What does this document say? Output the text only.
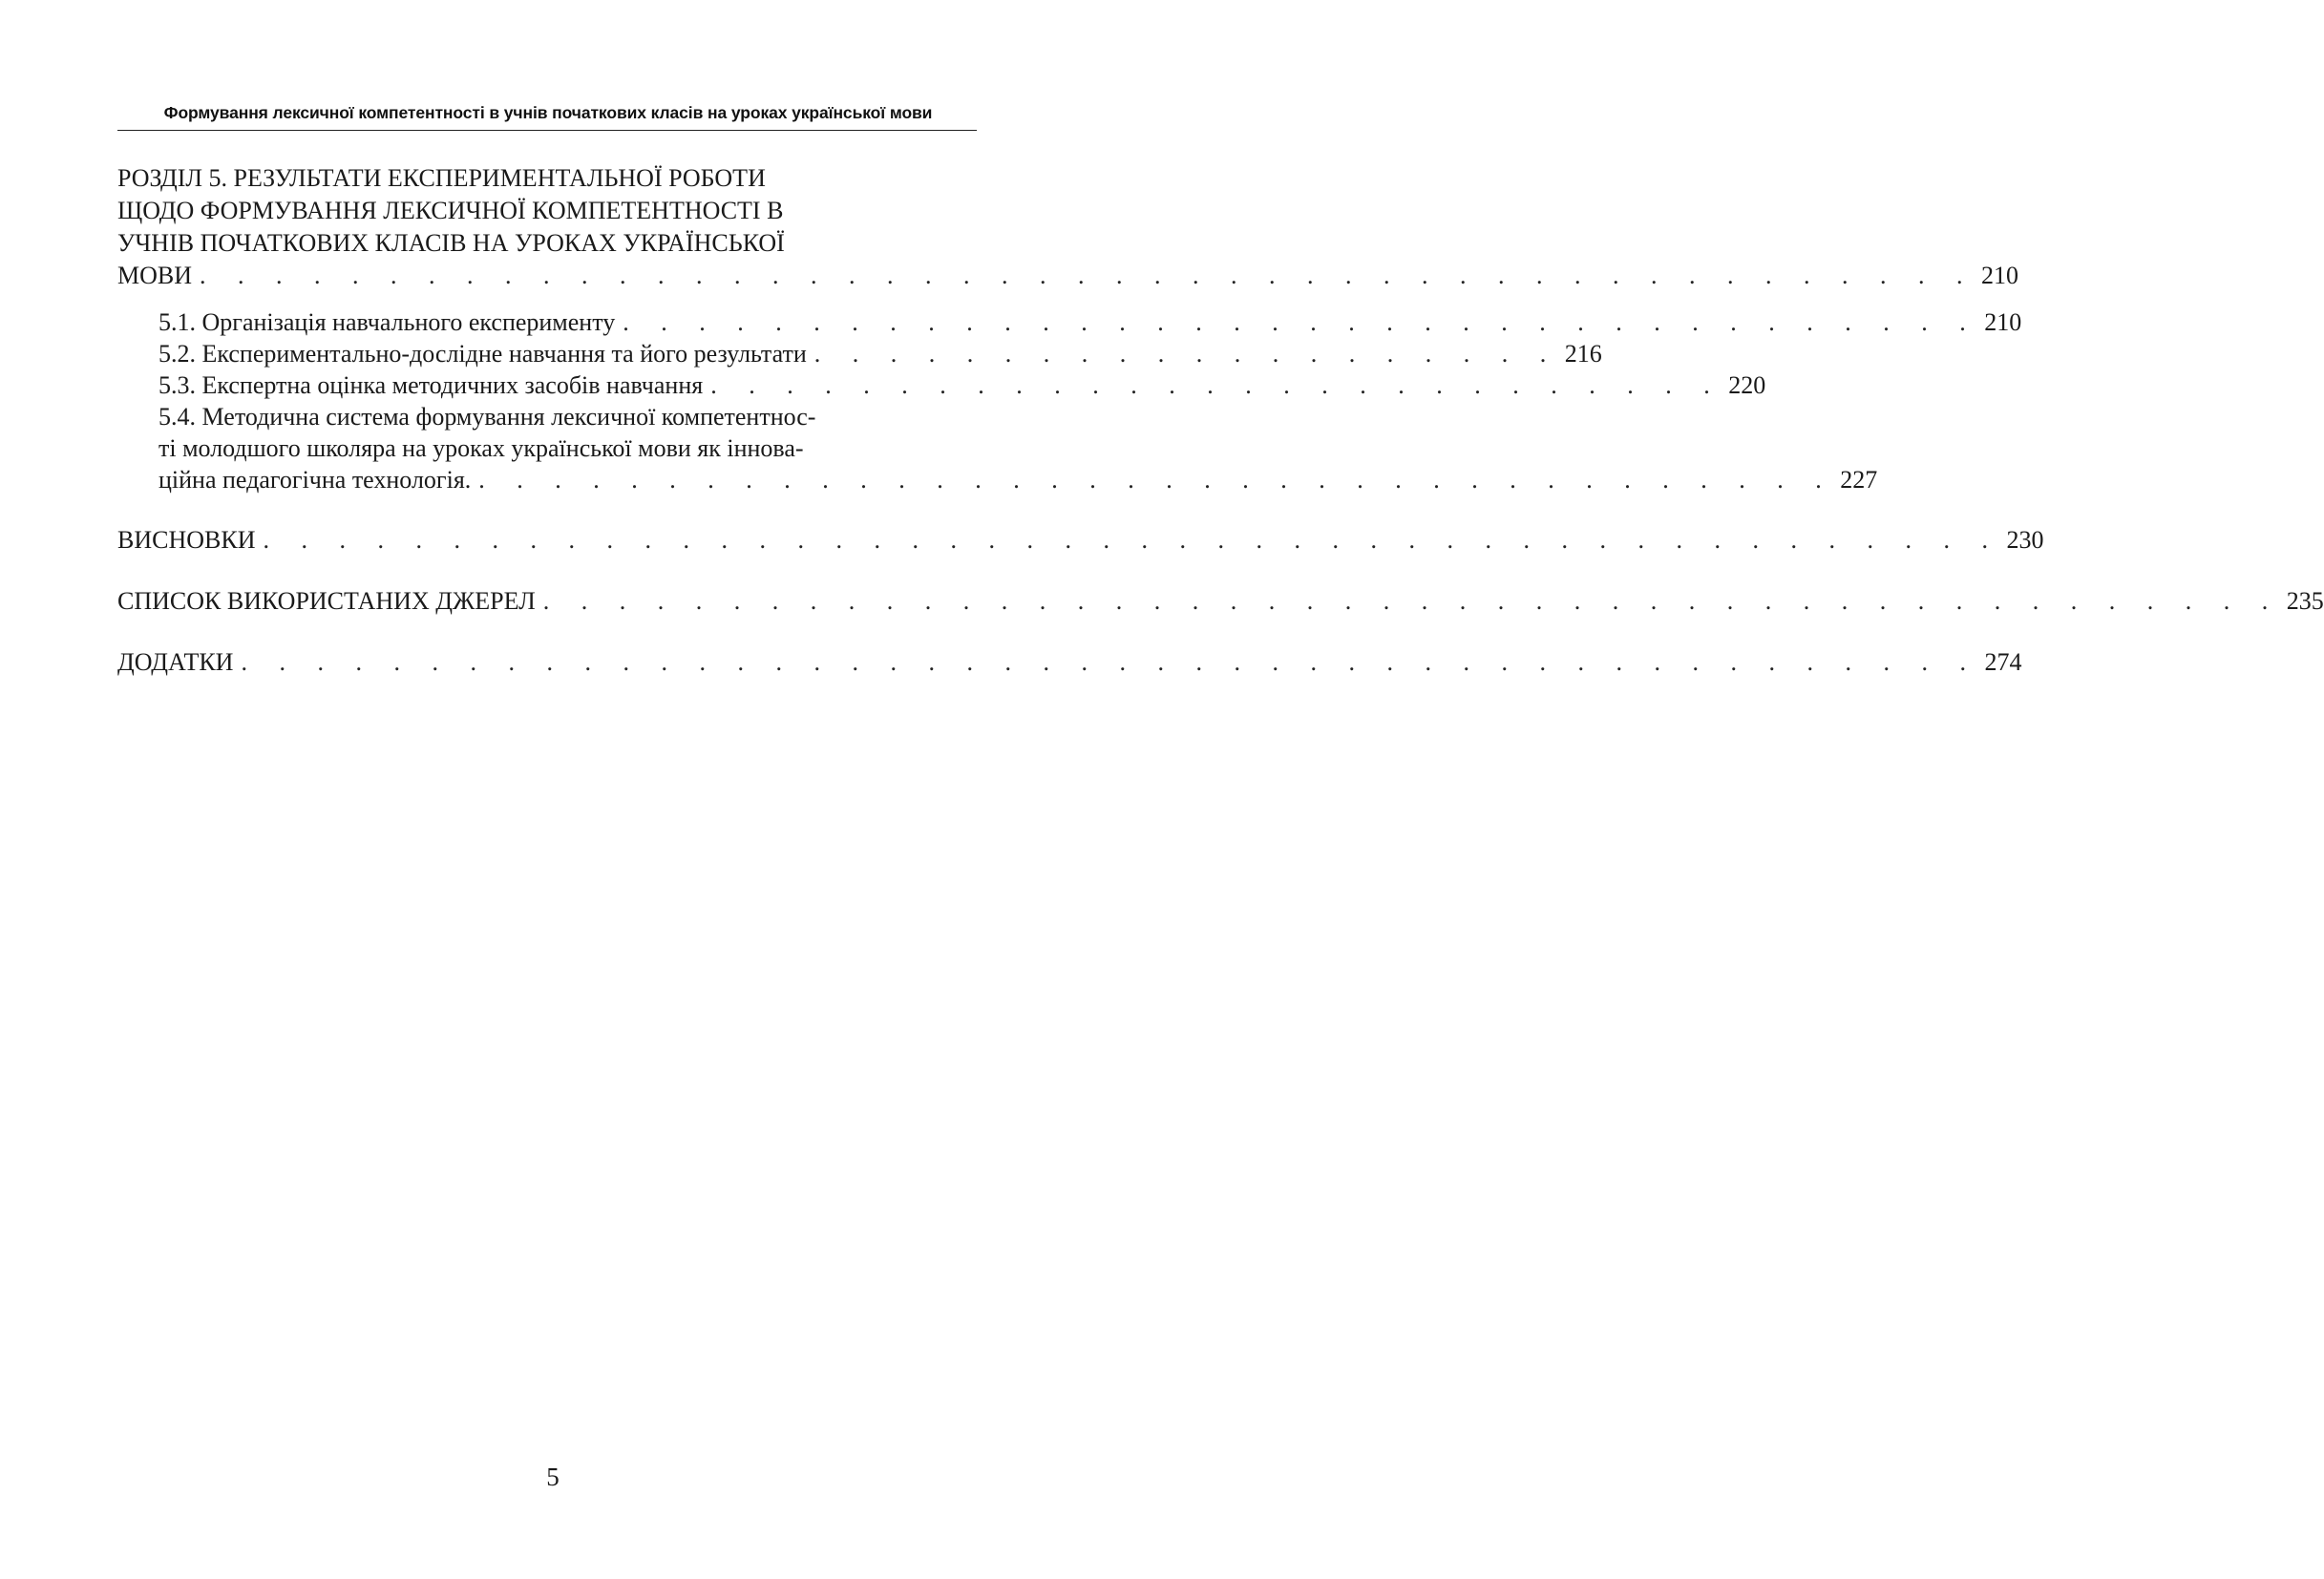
Формування лексичної компетентності в учнів початкових класів на уроках української мови
РОЗДІЛ 5. РЕЗУЛЬТАТИ ЕКСПЕРИМЕНТАЛЬНОЇ РОБОТИ
ЩОДО ФОРМУВАННЯ ЛЕКСИЧНОЇ КОМПЕТЕНТНОСТІ В
УЧНІВ ПОЧАТКОВИХ КЛАСІВ НА УРОКАХ УКРАЇНСЬКОЇ
МОВИ . . . . . . . . . . . . . . . . . . . . . . . . . . . . . . . . . . . . . . . . . . . . . . . 210
5.1. Організація навчального експерименту . . . . . . . . . . . . . . . . . . . . . . . . . . . . . . . . . . . . 210
5.2. Експериментально-дослідне навчання та його результати . . . . . . . . . . . . . . . . . . . . 216
5.3. Експертна оцінка методичних засобів навчання . . . . . . . . . . . . . . . . . . . . . . . . . . . 220
5.4. Методична система формування лексичної компетентнос-
ті молодшого школяра на уроках української мови як іннова-
ційна педагогічна технологія. . . . . . . . . . . . . . . . . . . . . . . . . . . . . . . . . . . . . 227
ВИСНОВКИ . . . . . . . . . . . . . . . . . . . . . . . . . . . . . . . . . . . . . . . . . . . . . . 230
СПИСОК ВИКОРИСТАНИХ ДЖЕРЕЛ . . . . . . . . . . . . . . . . . . . . . . . . . . . . . . . . . . . . . . . . . . . . . . 235
ДОДАТКИ . . . . . . . . . . . . . . . . . . . . . . . . . . . . . . . . . . . . . . . . . . . . . . 274
5
